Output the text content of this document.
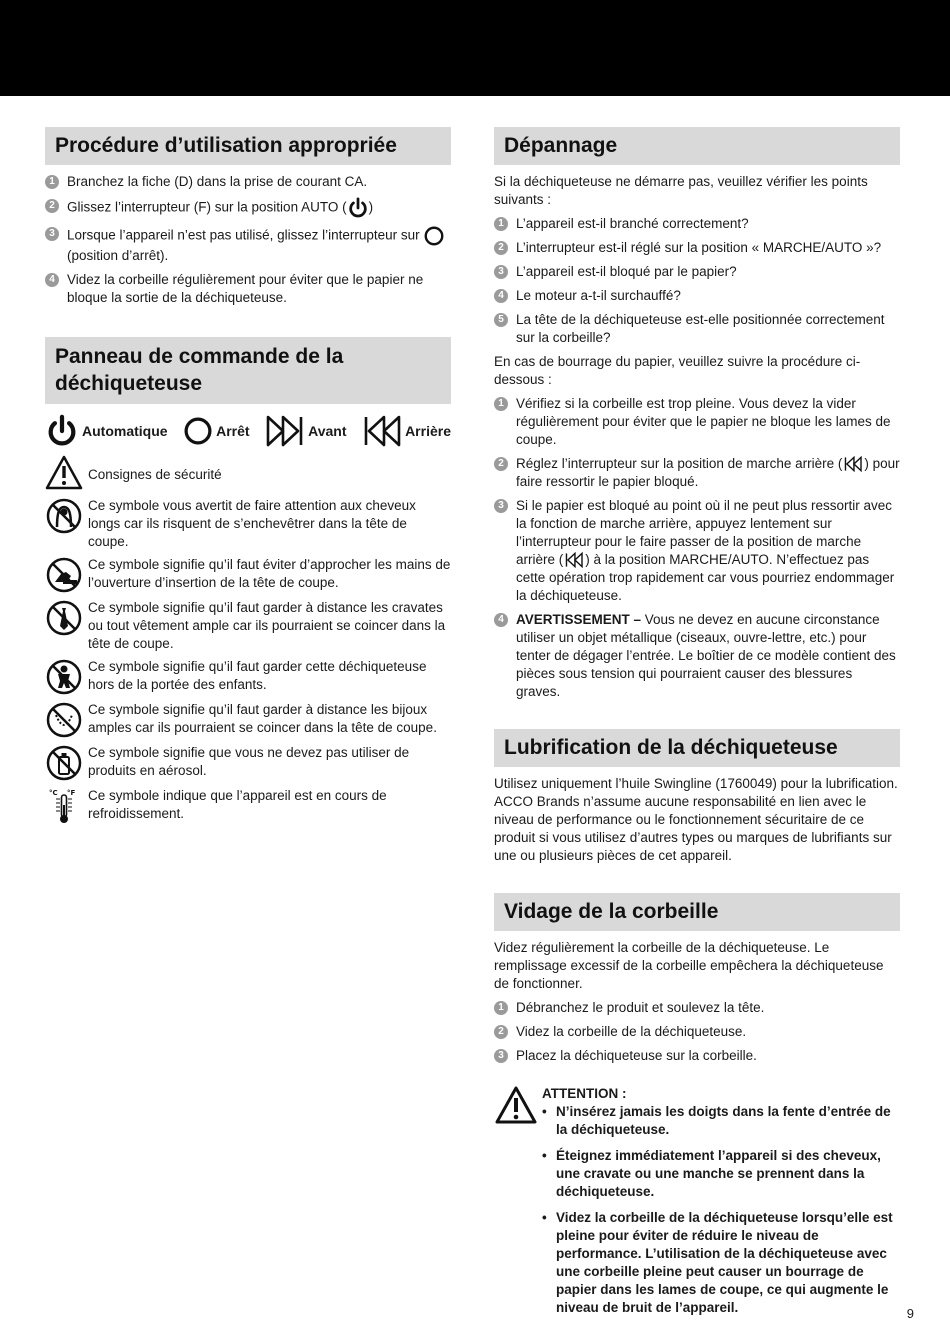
Procédure d’utilisation appropriée
1 Branchez la fiche (D) dans la prise de courant CA.
2 Glissez l’interrupteur (F) sur la position AUTO ( )
3 Lorsque l’appareil n’est pas utilisé, glissez l’interrupteur sur
(position d’arrêt).
4 Videz la corbeille régulièrement pour éviter que le papier ne bloque la sortie de la déchiqueteuse.
Panneau de commande de la déchiqueteuse
Automatique	Arrêt	Avant	Arrière
Consignes de sécurité
Ce symbole vous avertit de faire attention aux cheveux longs car ils risquent de s’enchevêtrer dans la tête de coupe.
Ce symbole signifie qu’il faut éviter d’approcher les mains de l’ouverture d’insertion de la tête de coupe.
Ce symbole signifie qu’il faut garder à distance les cravates ou tout vêtement ample car ils pourraient se coincer dans la tête de coupe.
Ce symbole signifie qu’il faut garder cette déchiqueteuse hors de la portée des enfants.
Ce symbole signifie qu’il faut garder à distance les bijoux amples car ils pourraient se coincer dans la tête de coupe.
Ce symbole signifie que vous ne devez pas utiliser de produits en aérosol.
°C °F Ce symbole indique que l’appareil est en cours de refroidissement.
Dépannage
Si la déchiqueteuse ne démarre pas, veuillez vérifier les points suivants :
1 L’appareil est-il branché correctement?
2 L’interrupteur est-il réglé sur la position « MARCHE/AUTO »?
3 L’appareil est-il bloqué par le papier?
4 Le moteur a-t-il surchauffé?
5 La tête de la déchiqueteuse est-elle positionnée correctement sur la corbeille?
En cas de bourrage du papier, veuillez suivre la procédure ci-dessous :
1 Vérifiez si la corbeille est trop pleine. Vous devez la vider régulièrement pour éviter que le papier ne bloque les lames de coupe.
2 Réglez l’interrupteur sur la position de marche arrière ( ) pour faire ressortir le papier bloqué.
3 Si le papier est bloqué au point où il ne peut plus ressortir avec la fonction de marche arrière, appuyez lentement sur l’interrupteur pour le faire passer de la position de marche arrière ( ) à la position MARCHE/AUTO. N’effectuez pas cette opération trop rapidement car vous pourriez endommager la déchiqueteuse.
4 AVERTISSEMENT – Vous ne devez en aucune circonstance utiliser un objet métallique (ciseaux, ouvre-lettre, etc.) pour tenter de dégager l’entrée. Le boîtier de ce modèle contient des pièces sous tension qui pourraient causer des blessures graves.
Lubrification de la déchiqueteuse
Utilisez uniquement l’huile Swingline (1760049) pour la lubrification. ACCO Brands n’assume aucune responsabilité en lien avec le niveau de performance ou le fonctionnement sécuritaire de ce produit si vous utilisez d’autres types ou marques de lubrifiants sur une ou plusieurs pièces de cet appareil.
Vidage de la corbeille
Videz régulièrement la corbeille de la déchiqueteuse. Le remplissage excessif de la corbeille empêchera la déchiqueteuse de fonctionner.
1 Débranchez le produit et soulevez la tête.
2 Videz la corbeille de la déchiqueteuse.
3 Placez la déchiqueteuse sur la corbeille.
ATTENTION :
• N’insérez jamais les doigts dans la fente d’entrée de la déchiqueteuse.
• Éteignez immédiatement l’appareil si des cheveux, une cravate ou une manche se prennent dans la déchiqueteuse.
• Videz la corbeille de la déchiqueteuse lorsqu’elle est pleine pour éviter de réduire le niveau de performance. L’utilisation de la déchiqueteuse avec une corbeille pleine peut causer un bourrage de papier dans les lames de coupe, ce qui augmente le niveau de bruit de l’appareil.	9
